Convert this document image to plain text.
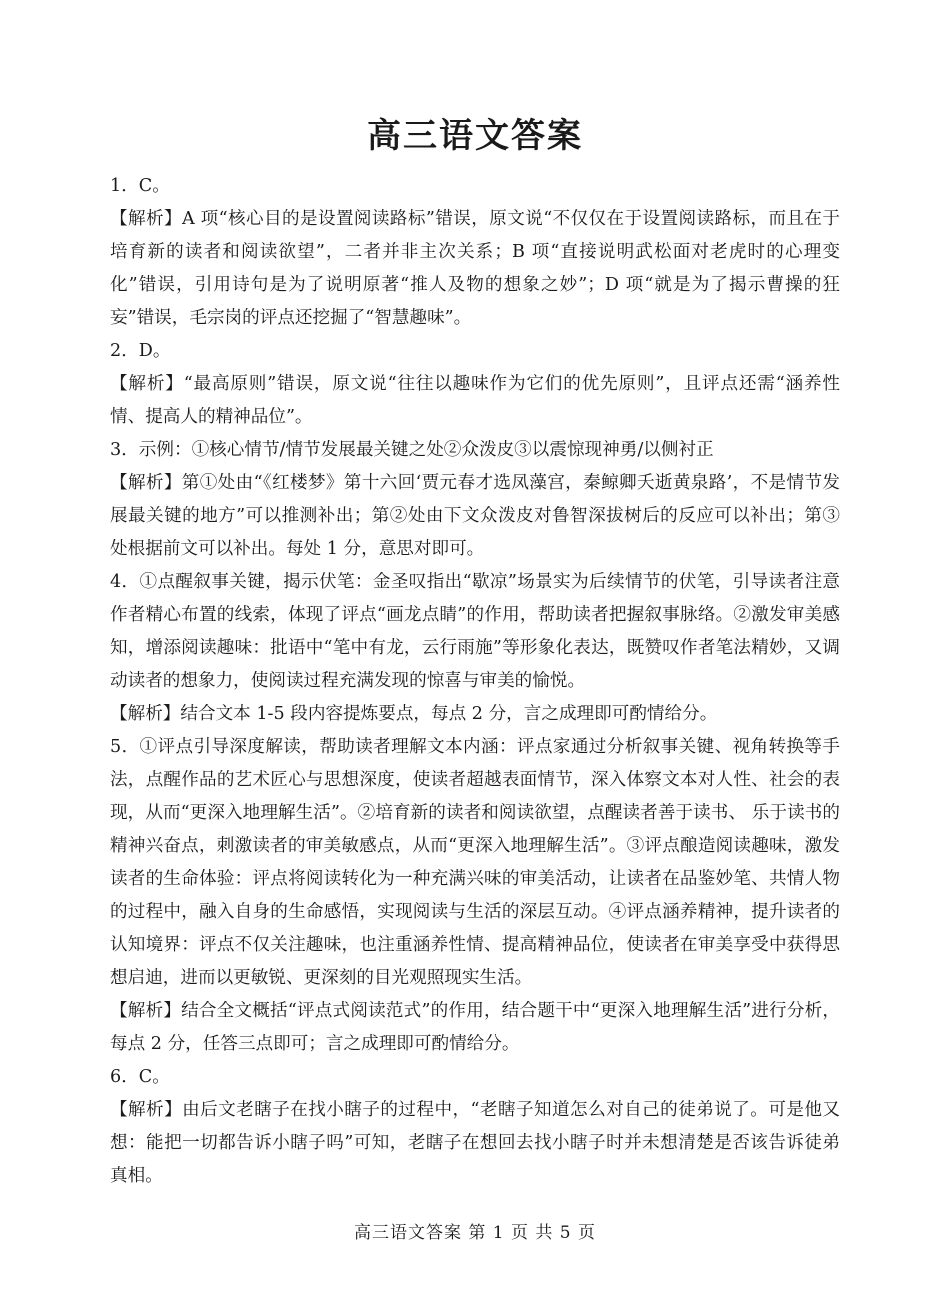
高三语文答案

1．C。

【解析】A 项“核心目的是设置阅读路标”错误，原文说“不仅仅在于设置阅读路标，而且在于培育新的读者和阅读欲望”，二者并非主次关系；B 项“直接说明武松面对老虎时的心理变化”错误，引用诗句是为了说明原著“推人及物的想象之妙”；D 项“就是为了揭示曹操的狂妄”错误，毛宗岗的评点还挖掘了“智慧趣味”。

2．D。

【解析】“最高原则”错误，原文说“往往以趣味作为它们的优先原则”，且评点还需“涵养性情、提高人的精神品位”。

3．示例：①核心情节/情节发展最关键之处②众泼皮③以震惊现神勇/以侧衬正

【解析】第①处由“《红楼梦》第十六回‘贾元春才选凤藻宫，秦鲸卿夭逝黄泉路’，不是情节发展最关键的地方”可以推测补出；第②处由下文众泼皮对鲁智深拔树后的反应可以补出；第③处根据前文可以补出。每处 1 分，意思对即可。

4．①点醒叙事关键，揭示伏笔：金圣叹指出“歇凉”场景实为后续情节的伏笔，引导读者注意作者精心布置的线索，体现了评点“画龙点睛”的作用，帮助读者把握叙事脉络。②激发审美感知，增添阅读趣味：批语中“笔中有龙，云行雨施”等形象化表达，既赞叹作者笔法精妙，又调动读者的想象力，使阅读过程充满发现的惊喜与审美的愉悦。

【解析】结合文本 1-5 段内容提炼要点，每点 2 分，言之成理即可酌情给分。

5．①评点引导深度解读，帮助读者理解文本内涵：评点家通过分析叙事关键、视角转换等手法，点醒作品的艺术匠心与思想深度，使读者超越表面情节，深入体察文本对人性、社会的表现，从而“更深入地理解生活”。②培育新的读者和阅读欲望，点醒读者善于读书、 乐于读书的精神兴奋点，刺激读者的审美敏感点，从而“更深入地理解生活”。③评点酿造阅读趣味，激发读者的生命体验：评点将阅读转化为一种充满兴味的审美活动，让读者在品鉴妙笔、共情人物的过程中，融入自身的生命感悟，实现阅读与生活的深层互动。④评点涵养精神，提升读者的认知境界：评点不仅关注趣味，也注重涵养性情、提高精神品位，使读者在审美享受中获得思想启迪，进而以更敏锐、更深刻的目光观照现实生活。

【解析】结合全文概括“评点式阅读范式”的作用，结合题干中“更深入地理解生活”进行分析，每点 2 分，任答三点即可；言之成理即可酌情给分。

6．C。

【解析】由后文老瞎子在找小瞎子的过程中，“老瞎子知道怎么对自己的徒弟说了。可是他又想：能把一切都告诉小瞎子吗”可知，老瞎子在想回去找小瞎子时并未想清楚是否该告诉徒弟真相。

高三语文答案 第 1 页 共 5 页
